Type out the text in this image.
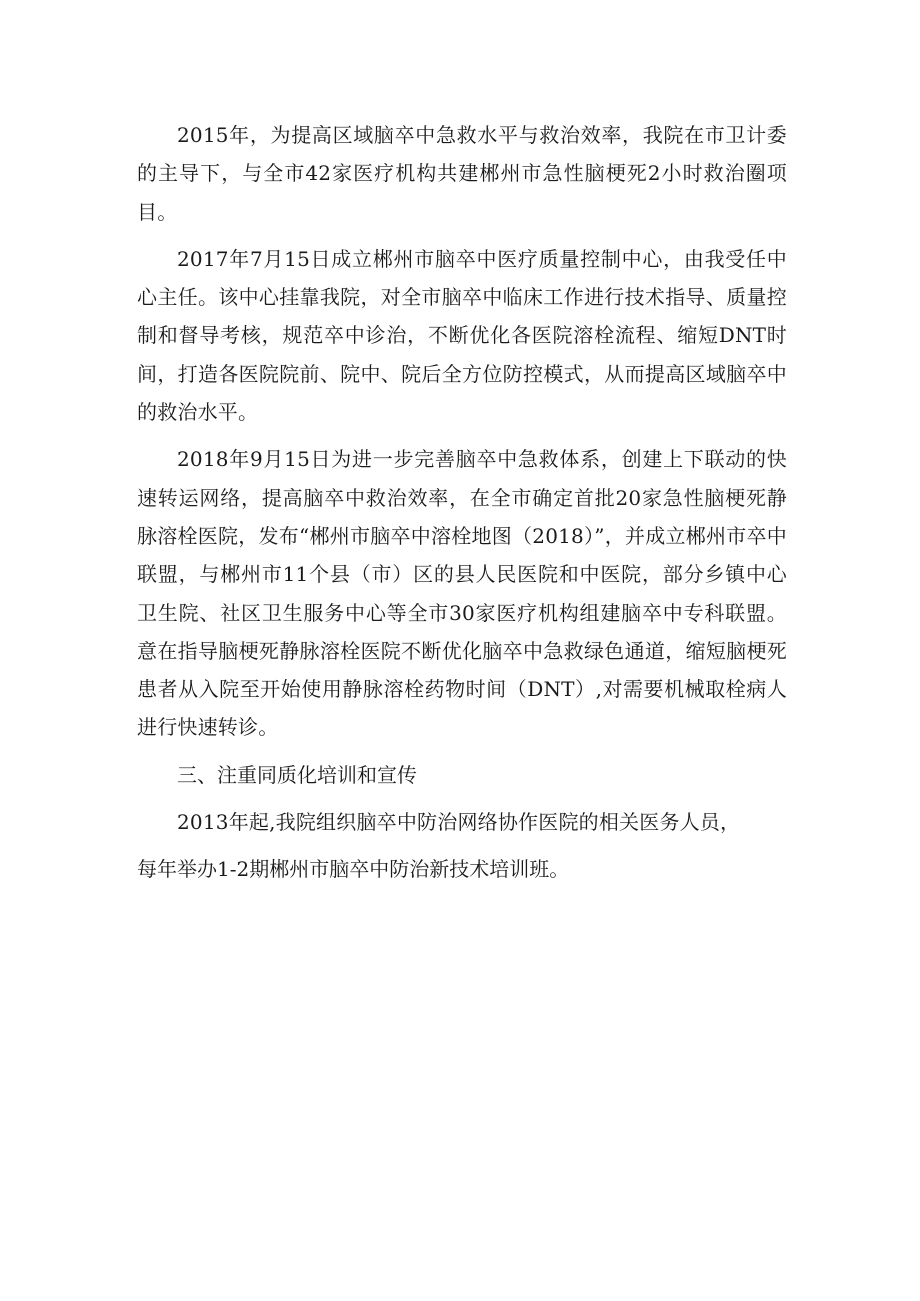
2015年，为提高区域脑卒中急救水平与救治效率，我院在市卫计委的主导下，与全市42家医疗机构共建郴州市急性脑梗死2小时救治圈项目。

2017年7月15日成立郴州市脑卒中医疗质量控制中心，由我受任中心主任。该中心挂靠我院，对全市脑卒中临床工作进行技术指导、质量控制和督导考核，规范卒中诊治，不断优化各医院溶栓流程、缩短DNT时间，打造各医院院前、院中、院后全方位防控模式，从而提高区域脑卒中的救治水平。

2018年9月15日为进一步完善脑卒中急救体系，创建上下联动的快速转运网络，提高脑卒中救治效率，在全市确定首批20家急性脑梗死静脉溶栓医院，发布“郴州市脑卒中溶栓地图（2018）”，并成立郴州市卒中联盟，与郴州市11个县（市）区的县人民医院和中医院，部分乡镇中心卫生院、社区卫生服务中心等全市30家医疗机构组建脑卒中专科联盟。意在指导脑梗死静脉溶栓医院不断优化脑卒中急救绿色通道，缩短脑梗死患者从入院至开始使用静脉溶栓药物时间（DNT）,对需要机械取栓病人进行快速转诊。

三、注重同质化培训和宣传

2013年起,我院组织脑卒中防治网络协作医院的相关医务人员，

每年举办1-2期郴州市脑卒中防治新技术培训班。
